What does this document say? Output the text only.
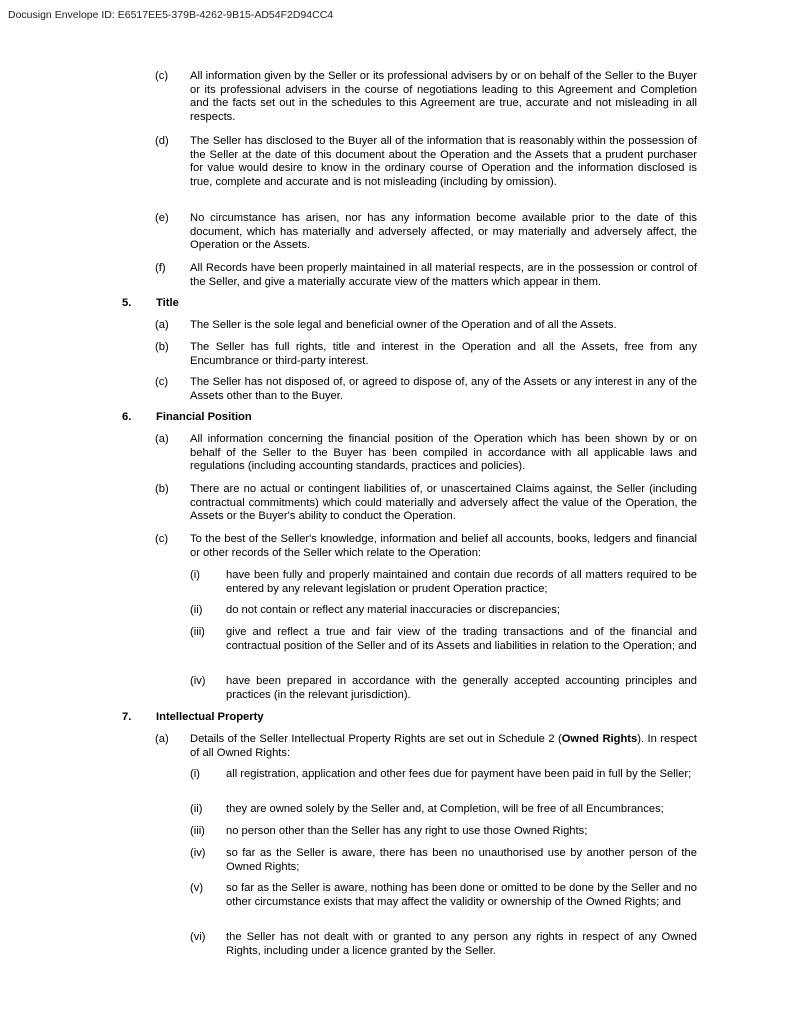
Docusign Envelope ID: E6517EE5-379B-4262-9B15-AD54F2D94CC4
(c) All information given by the Seller or its professional advisers by or on behalf of the Seller to the Buyer or its professional advisers in the course of negotiations leading to this Agreement and Completion and the facts set out in the schedules to this Agreement are true, accurate and not misleading in all respects.
(d) The Seller has disclosed to the Buyer all of the information that is reasonably within the possession of the Seller at the date of this document about the Operation and the Assets that a prudent purchaser for value would desire to know in the ordinary course of Operation and the information disclosed is true, complete and accurate and is not misleading (including by omission).
(e) No circumstance has arisen, nor has any information become available prior to the date of this document, which has materially and adversely affected, or may materially and adversely affect, the Operation or the Assets.
(f) All Records have been properly maintained in all material respects, are in the possession or control of the Seller, and give a materially accurate view of the matters which appear in them.
5. Title
(a) The Seller is the sole legal and beneficial owner of the Operation and of all the Assets.
(b) The Seller has full rights, title and interest in the Operation and all the Assets, free from any Encumbrance or third-party interest.
(c) The Seller has not disposed of, or agreed to dispose of, any of the Assets or any interest in any of the Assets other than to the Buyer.
6. Financial Position
(a) All information concerning the financial position of the Operation which has been shown by or on behalf of the Seller to the Buyer has been compiled in accordance with all applicable laws and regulations (including accounting standards, practices and policies).
(b) There are no actual or contingent liabilities of, or unascertained Claims against, the Seller (including contractual commitments) which could materially and adversely affect the value of the Operation, the Assets or the Buyer's ability to conduct the Operation.
(c) To the best of the Seller's knowledge, information and belief all accounts, books, ledgers and financial or other records of the Seller which relate to the Operation:
(i) have been fully and properly maintained and contain due records of all matters required to be entered by any relevant legislation or prudent Operation practice;
(ii) do not contain or reflect any material inaccuracies or discrepancies;
(iii) give and reflect a true and fair view of the trading transactions and of the financial and contractual position of the Seller and of its Assets and liabilities in relation to the Operation; and
(iv) have been prepared in accordance with the generally accepted accounting principles and practices (in the relevant jurisdiction).
7. Intellectual Property
(a) Details of the Seller Intellectual Property Rights are set out in Schedule 2 (Owned Rights). In respect of all Owned Rights:
(i) all registration, application and other fees due for payment have been paid in full by the Seller;
(ii) they are owned solely by the Seller and, at Completion, will be free of all Encumbrances;
(iii) no person other than the Seller has any right to use those Owned Rights;
(iv) so far as the Seller is aware, there has been no unauthorised use by another person of the Owned Rights;
(v) so far as the Seller is aware, nothing has been done or omitted to be done by the Seller and no other circumstance exists that may affect the validity or ownership of the Owned Rights; and
(vi) the Seller has not dealt with or granted to any person any rights in respect of any Owned Rights, including under a licence granted by the Seller.
